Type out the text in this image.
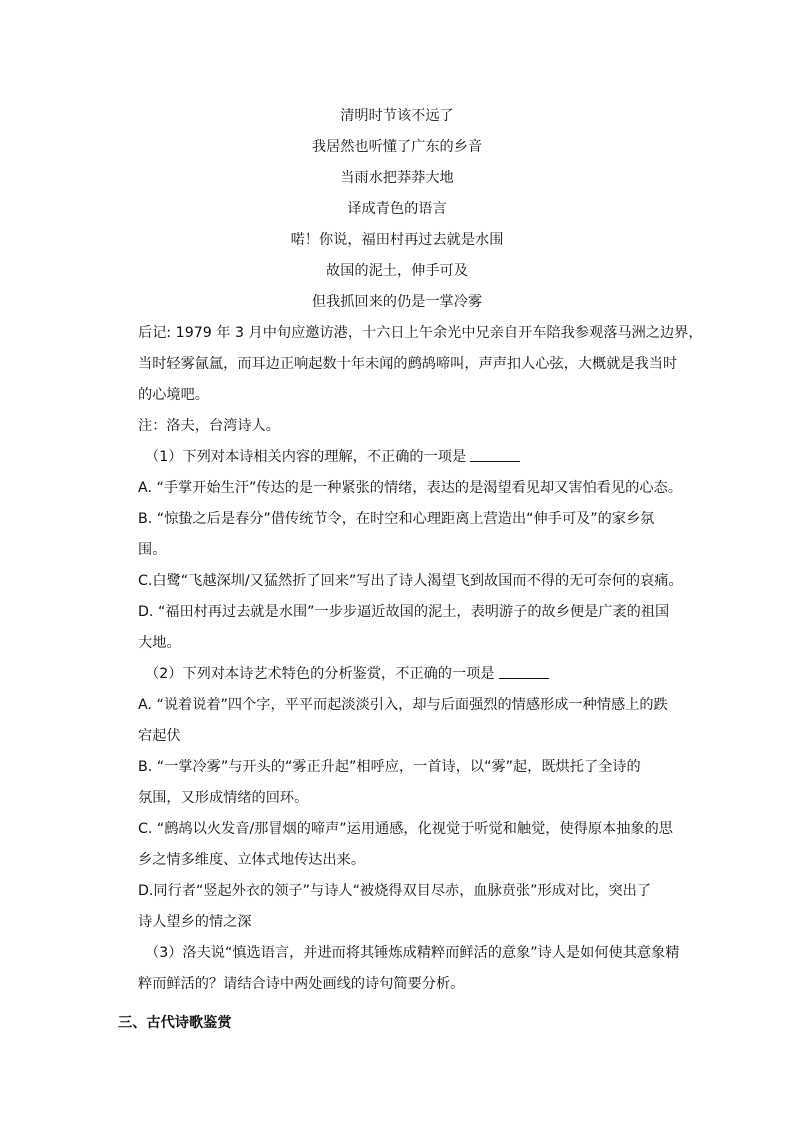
清明时节该不远了
我居然也听懂了广东的乡音
当雨水把莽莽大地
译成青色的语言
喏！你说，福田村再过去就是水围
故国的泥土，伸手可及
但我抓回来的仍是一掌冷雾
后记: 1979 年 3 月中旬应邀访港，十六日上午余光中兄亲自开车陪我参观落马洲之边界，
当时轻雾氤氲，而耳边正响起数十年未闻的鹧鸪啼叫，声声扣人心弦，大概就是我当时
的心境吧。
注：洛夫，台湾诗人。
（1）下列对本诗相关内容的理解，不正确的一项是
A. “手掌开始生汗”传达的是一种紧张的情绪，表达的是渴望看见却又害怕看见的心态。
B. “惊蛰之后是春分”借传统节令，在时空和心理距离上营造出“伸手可及”的家乡氛
围。
C.白鹭“飞越深圳/又猛然折了回来”写出了诗人渴望飞到故国而不得的无可奈何的哀痛。
D. “福田村再过去就是水围”一步步逼近故国的泥土，表明游子的故乡便是广袤的祖国
大地。
（2）下列对本诗艺术特色的分析鉴赏，不正确的一项是
A. “说着说着”四个字，平平而起淡淡引入，却与后面强烈的情感形成一种情感上的跌
宕起伏
B. “一掌冷雾”与开头的“雾正升起”相呼应，一首诗，以“雾”起，既烘托了全诗的
氛围，又形成情绪的回环。
C. “鹧鸪以火发音/那冒烟的啼声”运用通感，化视觉于听觉和触觉，使得原本抽象的思
乡之情多维度、立体式地传达出来。
D.同行者“竖起外衣的领子”与诗人“被烧得双目尽赤，血脉贲张”形成对比，突出了
诗人望乡的情之深
（3）洛夫说“慎选语言，并进而将其锤炼成精粹而鲜活的意象”诗人是如何使其意象精
粹而鲜活的？请结合诗中两处画线的诗句简要分析。
三、古代诗歌鉴赏
